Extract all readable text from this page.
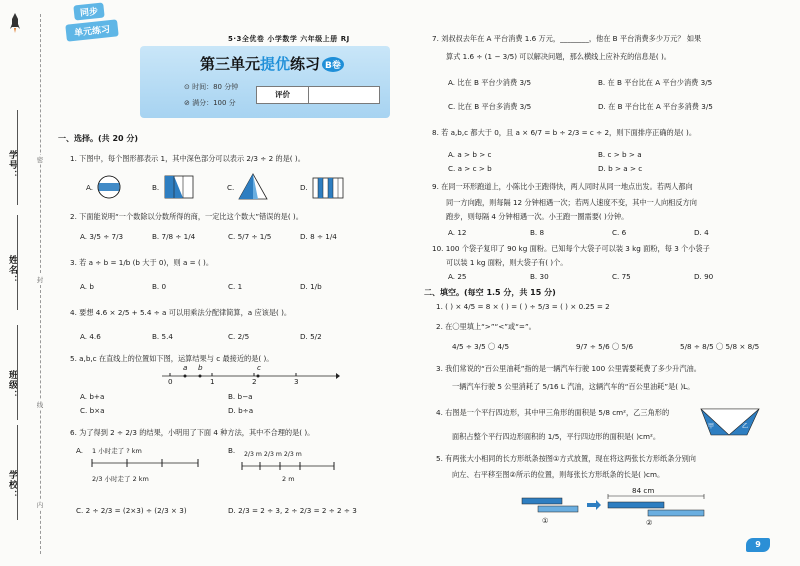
学号：
姓名：
班级：
学校：
密
封
线
内
同步
单元练习
5·3全优卷 小学数学 六年级上册 RJ
第三单元提优练习 B卷
⊙ 时间：80 分钟
⊘ 满分：100 分
评价
一、选择。(共 20 分)
1. 下图中，每个图形都表示 1，其中深色部分可以表示 2/3 ÷ 2 的是( )。
A.	B.	C.	D.
2. 下面能说明“一个数除以分数所得的商，一定比这个数大”错误的是( )。
A. 3/5 ÷ 7/3	B. 7/8 ÷ 1/4	C. 5/7 ÷ 1/5	D. 8 ÷ 1/4
3. 若 a ÷ b = 1/b (b 大于 0)，则 a = ( )。
A. b	B. 0	C. 1	D. 1/b
4. 要想 4.6 × 2/5 + 5.4 ÷ a 可以用乘法分配律简算，a 应该是( )。
A. 4.6	B. 5.4	C. 2/5	D. 5/2
5. a,b,c 在直线上的位置如下图，运算结果与 c 最接近的是( )。
0	1	2	3
a b	c
A. b+a	B. b−a
C. b×a	D. b÷a
6. 为了得到 2 ÷ 2/3 的结果，小明用了下面 4 种方法，其中不合理的是( )。
A. 1 小时走了 ? km
2/3 小时走了 2 km
B. 2/3 m 2/3 m 2/3 m
2 m
C. 2 ÷ 2/3 = (2×3) ÷ (2/3 × 3)	D. 2/3 = 2 ÷ 3, 2 ÷ 2/3 = 2 ÷ 2 ÷ 3
7. 刘叔叔去年在 A 平台消费 1.6 万元，________，他在 B 平台消费多少万元？ 如果
算式 1.6 ÷ (1 − 3/5) 可以解决问题，那么横线上应补充的信息是( )。
A. 比在 B 平台少消费 3/5	B. 在 B 平台比在 A 平台少消费 3/5
C. 比在 B 平台多消费 3/5	D. 在 B 平台比在 A 平台多消费 3/5
8. 若 a,b,c 都大于 0，且 a × 6/7 = b ÷ 2/3 = c ÷ 2，则下面排序正确的是( )。
A. a > b > c	B. c > b > a
C. a > c > b	D. b > a > c
9. 在同一环形跑道上，小陈比小王跑得快，两人同时从同一地点出发。若两人都向
同一方向跑，则每隔 12 分钟相遇一次；若两人速度不变，其中一人向相反方向
跑步，则每隔 4 分钟相遇一次。小王跑一圈需要( )分钟。
A. 12	B. 8	C. 6	D. 4
10. 100 个袋子复印了 90 kg 面粉。已知每个大袋子可以装 3 kg 面粉，每 3 个小袋子
可以装 1 kg 面粉，则大袋子有( )个。
A. 25	B. 30	C. 75	D. 90
二、填空。(每空 1.5 分，共 15 分)
1. ( ) × 4/5 = 8 × ( ) = ( ) ÷ 5/3 = ( ) × 0.25 = 2
2. 在〇里填上“>”“<”或“=”。
4/5 ÷ 3/5 〇 4/5	9/7 ÷ 5/6 〇 5/6	5/8 ÷ 8/5 〇 5/8 × 8/5
3. 我们常说的“百公里油耗”指的是一辆汽车行驶 100 公里需要耗费了多少升汽油。
一辆汽车行驶 5 公里消耗了 5/16 L 汽油，这辆汽车的“百公里油耗”是( )L。
4. 右图是一个平行四边形，其中甲三角形的面积是 5/8 cm²，乙三角形的
面积占整个平行四边形面积的 1/5，平行四边形的面积是( )cm²。
甲	乙
5. 有两张大小相同的长方形纸条按图①方式放置，现在将这两张长方形纸条分别向
向左、右平移至图②所示的位置，则每张长方形纸条的长是( )cm。
①
84 cm
②
9
